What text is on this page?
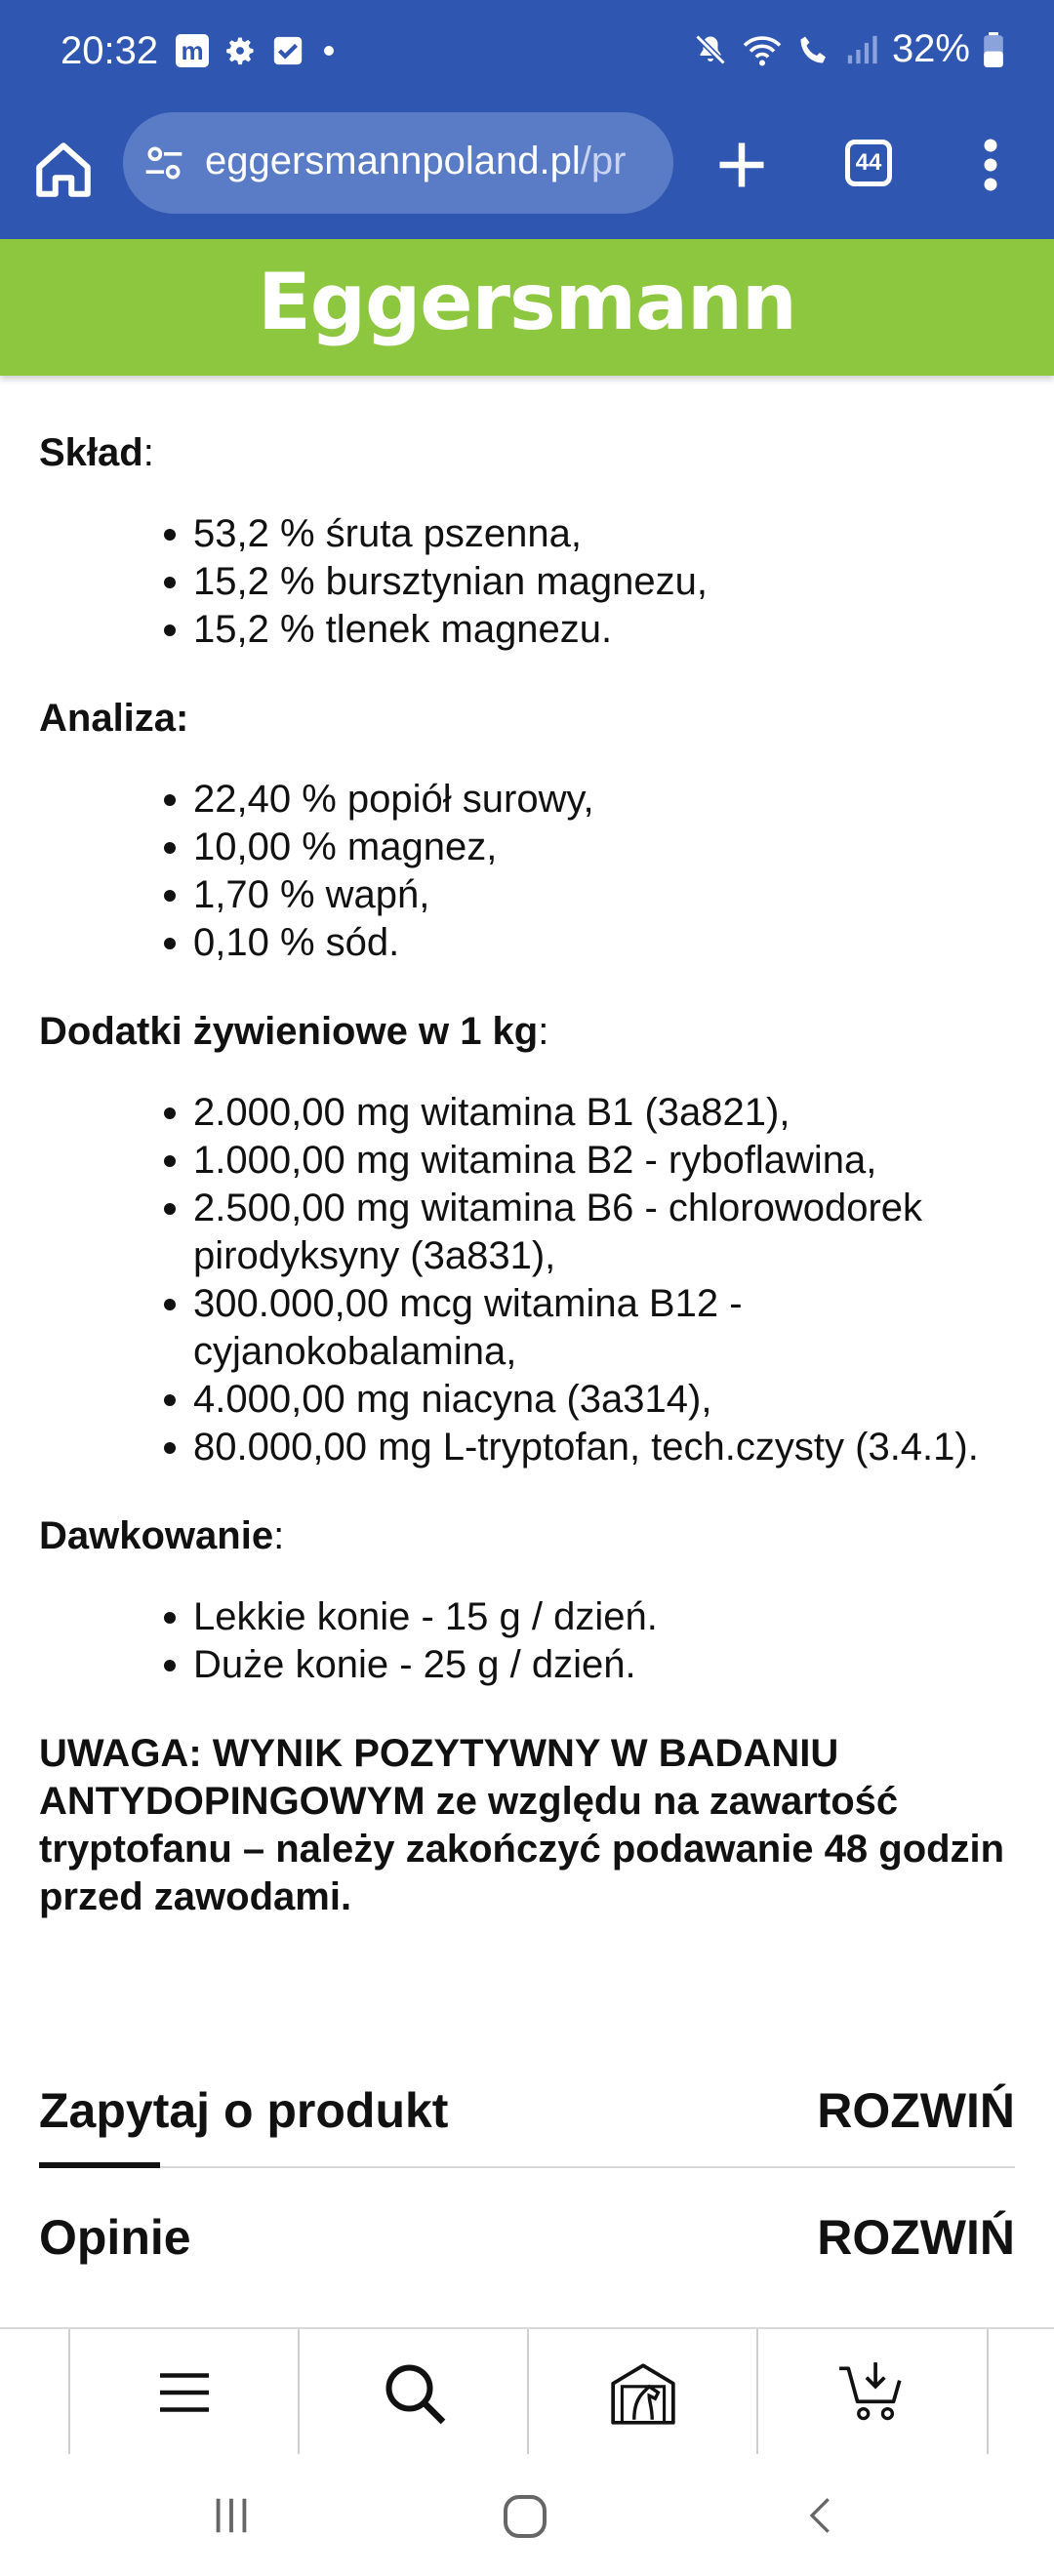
20:32 m	32%
eggersmannpoland.pl/pr	44
Eggersmann

Skład:

53,2 % śruta pszenna,
15,2 % bursztynian magnezu,
15,2 % tlenek magnezu.

Analiza:

22,40 % popiół surowy,
10,00 % magnez,
1,70 % wapń,
0,10 % sód.

Dodatki żywieniowe w 1 kg:

2.000,00 mg witamina B1 (3a821),
1.000,00 mg witamina B2 - ryboflawina,
2.500,00 mg witamina B6 - chlorowodorek pirodyksyny (3a831),
300.000,00 mcg witamina B12 - cyjanokobalamina,
4.000,00 mg niacyna (3a314),
80.000,00 mg L-tryptofan, tech.czysty (3.4.1).

Dawkowanie:

Lekkie konie - 15 g / dzień.
Duże konie - 25 g / dzień.

UWAGA: WYNIK POZYTYWNY W BADANIU ANTYDOPINGOWYM ze względu na zawartość tryptofanu – należy zakończyć podawanie 48 godzin przed zawodami.

Zapytaj o produkt	ROZWIŃ
Opinie	ROZWIŃ
